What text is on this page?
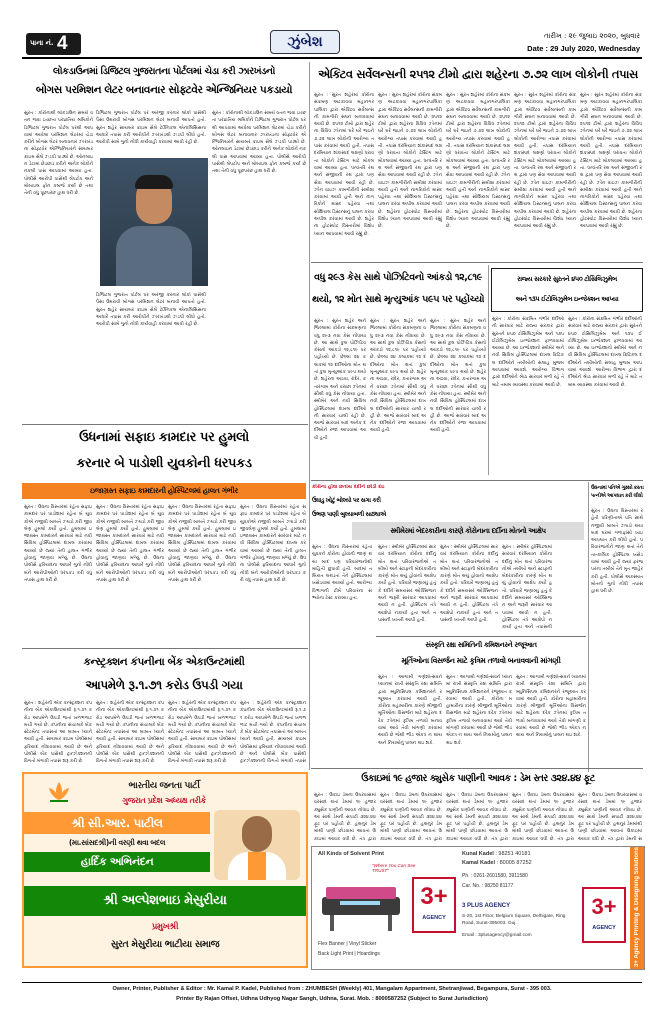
પાના નં. 4	ઝુંબેશ	તારીખ : ૨૯ જુલાઇ ૨૦૨૦, બુધવાર
Date : 29 July 2020, Wednesday
લોકડાઉનમાં ડિજિટલ ગુજરાતના પોર્ટલમાં ચેડા કરી ઝારખંડનો
બોગસ પરમિશન લેટર બનાવનાર સોફ્ટવેર એન્જિનિયર પકડાયો
સુરત : કોરોનાથી લોકડાઉન સમયે વતન જવા ઇચ્છતા પરપ્રાંતિય શ્રમિકોને ડિજિટલ ગુજરાત પોર્ટલ પરથી આપવામાં આવેલા પરમિશન લેટરમાં ચેડા કરીને બોગસ લેટર બનાવનાર ઝારખંડના સોફ્ટવેર એન્જિનિયરને સાયબર ક્રાઇમ સેલે ઝડપી પાડ્યો છે. ઓનલાઇન ડેટામાં છેડછાડ કરીને અનેક લોકોને નકલી પાસ આપવામાં આવ્યા હતા. પોલીસે આરોપી પાસેથી લેપટોપ અને મોબાઇલ ફોન કબજે કર્યા છે તથા તેની વધુ પૂછપરછ હાથ ધરી છે.
ડિજિટલ ગુજરાત પોર્ટલ પર અરજી કરનાર લોકો પાસેથી પૈસા ઉઘરાવી બોગસ પરમિશન લેટર બનાવી આપતો હતો. સુરત શહેર સાયબર ક્રાઇમ સેલે ટેક્નિકલ એનાલિસિસના આધારે તપાસ કરી આરોપીને ઝારખંડથી ઝડપી લીધો હતો. આરોપી સામે ગુનો નોંધી કાર્યવાહી કરવામાં આવી રહી છે.
સુરત : કોરોનાથી લોકડાઉન સમયે વતન જવા ઇચ્છતા પરપ્રાંતિય શ્રમિકોને ડિજિટલ ગુજરાત પોર્ટલ પરથી આપવામાં આવેલા પરમિશન લેટરમાં ચેડા કરીને બોગસ લેટર બનાવનાર ઝારખંડના સોફ્ટવેર એન્જિનિયરને સાયબર ક્રાઇમ સેલે ઝડપી પાડ્યો છે. ઓનલાઇન ડેટામાં છેડછાડ કરીને અનેક લોકોને નકલી પાસ આપવામાં આવ્યા હતા. પોલીસે આરોપી પાસેથી લેપટોપ અને મોબાઇલ ફોન કબજે કર્યા છે તથા તેની વધુ પૂછપરછ હાથ ધરી છે.
ડિજિટલ ગુજરાત પોર્ટલ પર અરજી કરનાર લોકો પાસેથી પૈસા ઉઘરાવી બોગસ પરમિશન લેટર બનાવી આપતો હતો. સુરત શહેર સાયબર ક્રાઇમ સેલે ટેક્નિકલ એનાલિસિસના આધારે તપાસ કરી આરોપીને ઝારખંડથી ઝડપી લીધો હતો. આરોપી સામે ગુનો નોંધી કાર્યવાહી કરવામાં આવી રહી છે.
એક્ટિવ સર્વેલન્સની ૨૫૧૨ ટીમો દ્વારા શહેરના ૭.૭૨ લાખ લોકોની તપાસ
સુરત : સુરત શહેરમાં કોરોના સંક્રમણ અટકાવવા મહાનગરપાલિકા દ્વારા એક્ટિવ સર્વેલન્સની કામગીરી સઘન બનાવવામાં આવી છે. ૨૫૧૨ ટીમો દ્વારા શહેરના વિવિધ ઝોનમાં ઘરે ઘરે જઇને ૭.૭૨ લાખ લોકોની આરોગ્ય તપાસ કરવામાં આવી હતી. તપાસ દરમિયાન શંકાસ્પદ લક્ષણો ધરાવતા લોકોને ટેસ્ટિંગ માટે મોકલવામાં આવ્યા હતા. ધન્વંતરિ રથ અને સંજીવની રથ દ્વારા પણ સેવા આપવામાં આવી રહી છે. ઝોન વાઇઝ કામગીરીની સમીક્ષા કરવામાં આવી હતી અને નાગરિકોને માસ્ક પહેરવા તથા સોશિયલ ડિસ્ટન્સનું પાલન કરવા અપીલ કરવામાં આવી છે. શહેરના હોટસ્પોટ વિસ્તારોમાં વિશેષ ધ્યાન આપવામાં આવી રહ્યું છે.
સુરત : સુરત શહેરમાં કોરોના સંક્રમણ અટકાવવા મહાનગરપાલિકા દ્વારા એક્ટિવ સર્વેલન્સની કામગીરી સઘન બનાવવામાં આવી છે. ૨૫૧૨ ટીમો દ્વારા શહેરના વિવિધ ઝોનમાં ઘરે ઘરે જઇને ૭.૭૨ લાખ લોકોની આરોગ્ય તપાસ કરવામાં આવી હતી. તપાસ દરમિયાન શંકાસ્પદ લક્ષણો ધરાવતા લોકોને ટેસ્ટિંગ માટે મોકલવામાં આવ્યા હતા. ધન્વંતરિ રથ અને સંજીવની રથ દ્વારા પણ સેવા આપવામાં આવી રહી છે. ઝોન વાઇઝ કામગીરીની સમીક્ષા કરવામાં આવી હતી અને નાગરિકોને માસ્ક પહેરવા તથા સોશિયલ ડિસ્ટન્સનું પાલન કરવા અપીલ કરવામાં આવી છે. શહેરના હોટસ્પોટ વિસ્તારોમાં વિશેષ ધ્યાન આપવામાં આવી રહ્યું છે.
સુરત : સુરત શહેરમાં કોરોના સંક્રમણ અટકાવવા મહાનગરપાલિકા દ્વારા એક્ટિવ સર્વેલન્સની કામગીરી સઘન બનાવવામાં આવી છે. ૨૫૧૨ ટીમો દ્વારા શહેરના વિવિધ ઝોનમાં ઘરે ઘરે જઇને ૭.૭૨ લાખ લોકોની આરોગ્ય તપાસ કરવામાં આવી હતી. તપાસ દરમિયાન શંકાસ્પદ લક્ષણો ધરાવતા લોકોને ટેસ્ટિંગ માટે મોકલવામાં આવ્યા હતા. ધન્વંતરિ રથ અને સંજીવની રથ દ્વારા પણ સેવા આપવામાં આવી રહી છે. ઝોન વાઇઝ કામગીરીની સમીક્ષા કરવામાં આવી હતી અને નાગરિકોને માસ્ક પહેરવા તથા સોશિયલ ડિસ્ટન્સનું પાલન કરવા અપીલ કરવામાં આવી છે. શહેરના હોટસ્પોટ વિસ્તારોમાં વિશેષ ધ્યાન આપવામાં આવી રહ્યું છે.
સુરત : સુરત શહેરમાં કોરોના સંક્રમણ અટકાવવા મહાનગરપાલિકા દ્વારા એક્ટિવ સર્વેલન્સની કામગીરી સઘન બનાવવામાં આવી છે. ૨૫૧૨ ટીમો દ્વારા શહેરના વિવિધ ઝોનમાં ઘરે ઘરે જઇને ૭.૭૨ લાખ લોકોની આરોગ્ય તપાસ કરવામાં આવી હતી. તપાસ દરમિયાન શંકાસ્પદ લક્ષણો ધરાવતા લોકોને ટેસ્ટિંગ માટે મોકલવામાં આવ્યા હતા. ધન્વંતરિ રથ અને સંજીવની રથ દ્વારા પણ સેવા આપવામાં આવી રહી છે. ઝોન વાઇઝ કામગીરીની સમીક્ષા કરવામાં આવી હતી અને નાગરિકોને માસ્ક પહેરવા તથા સોશિયલ ડિસ્ટન્સનું પાલન કરવા અપીલ કરવામાં આવી છે. શહેરના હોટસ્પોટ વિસ્તારોમાં વિશેષ ધ્યાન આપવામાં આવી રહ્યું છે.
સુરત : સુરત શહેરમાં કોરોના સંક્રમણ અટકાવવા મહાનગરપાલિકા દ્વારા એક્ટિવ સર્વેલન્સની કામગીરી સઘન બનાવવામાં આવી છે. ૨૫૧૨ ટીમો દ્વારા શહેરના વિવિધ ઝોનમાં ઘરે ઘરે જઇને ૭.૭૨ લાખ લોકોની આરોગ્ય તપાસ કરવામાં આવી હતી. તપાસ દરમિયાન શંકાસ્પદ લક્ષણો ધરાવતા લોકોને ટેસ્ટિંગ માટે મોકલવામાં આવ્યા હતા. ધન્વંતરિ રથ અને સંજીવની રથ દ્વારા પણ સેવા આપવામાં આવી રહી છે. ઝોન વાઇઝ કામગીરીની સમીક્ષા કરવામાં આવી હતી અને નાગરિકોને માસ્ક પહેરવા તથા સોશિયલ ડિસ્ટન્સનું પાલન કરવા અપીલ કરવામાં આવી છે. શહેરના હોટસ્પોટ વિસ્તારોમાં વિશેષ ધ્યાન આપવામાં આવી રહ્યું છે.
વધુ ૨૯૩ કેસ સાથે પોઝિટિવનો આંકડો ૧૨,૮૧૯
થયો, ૧૨ મોત સાથે મૃત્યુઆંક ૫૯૫ પર પહોંચ્યો
સુરત : સુરત શહેર અને જિલ્લામાં કોરોના સંક્રમણના વધુ ૨૯૩ નવા કેસ નોંધાયા છે. આ સાથે કુલ પોઝિટિવ કેસનો આંકડો ૧૨,૮૧૯ પર પહોંચ્યો છે. છેલ્લા ૨૪ કલાકમાં ૧૨ દર્દીઓના મોત થતાં કુલ મૃત્યુઆંક ૫૯૫ થયો છે. શહેરના અઠવા, રાંદેર, કતારગામ અને વરાછા ઝોનમાં સૌથી વધુ કેસ નોંધાયા હતા. સ્મીમેર અને નવી સિવિલ હોસ્પિટલમાં દાખલ દર્દીઓની સારવાર ચાલી રહી છે. આજે સારવાર બાદ અનેક દર્દીઓને રજા આપવામાં આવી હતી.
સુરત : સુરત શહેર અને જિલ્લામાં કોરોના સંક્રમણના વધુ ૨૯૩ નવા કેસ નોંધાયા છે. આ સાથે કુલ પોઝિટિવ કેસનો આંકડો ૧૨,૮૧૯ પર પહોંચ્યો છે. છેલ્લા ૨૪ કલાકમાં ૧૨ દર્દીઓના મોત થતાં કુલ મૃત્યુઆંક ૫૯૫ થયો છે. શહેરના અઠવા, રાંદેર, કતારગામ અને વરાછા ઝોનમાં સૌથી વધુ કેસ નોંધાયા હતા. સ્મીમેર અને નવી સિવિલ હોસ્પિટલમાં દાખલ દર્દીઓની સારવાર ચાલી રહી છે. આજે સારવાર બાદ અનેક દર્દીઓને રજા આપવામાં આવી હતી.
સુરત : સુરત શહેર અને જિલ્લામાં કોરોના સંક્રમણના વધુ ૨૯૩ નવા કેસ નોંધાયા છે. આ સાથે કુલ પોઝિટિવ કેસનો આંકડો ૧૨,૮૧૯ પર પહોંચ્યો છે. છેલ્લા ૨૪ કલાકમાં ૧૨ દર્દીઓના મોત થતાં કુલ મૃત્યુઆંક ૫૯૫ થયો છે. શહેરના અઠવા, રાંદેર, કતારગામ અને વરાછા ઝોનમાં સૌથી વધુ કેસ નોંધાયા હતા. સ્મીમેર અને નવી સિવિલ હોસ્પિટલમાં દાખલ દર્દીઓની સારવાર ચાલી રહી છે. આજે સારવાર બાદ અનેક દર્દીઓને રજા આપવામાં આવી હતી.
રાજ્ય સરકારે સુરતને ૪૫૦ ટોસિલિઝુમેબ
અને ૧૩૫ ઈટોલિઝુમેબ ઇન્જેક્શન આપ્યા
સુરત : કોરોના સંક્રમિત ગંભીર દર્દીઓની સારવાર માટે રાજ્ય સરકાર દ્વારા સુરતને ૪૫૦ ટોસિલિઝુમેબ અને ૧૩૫ ઈટોલિઝુમેબ ઇન્જેક્શન ફાળવવામાં આવ્યા છે. આ ઇન્જેક્શનો સ્મીમેર અને નવી સિવિલ હોસ્પિટલમાં દાખલ ક્રિટિકલ દર્દીઓને તબીબોની સલાહ મુજબ આપવામાં આવશે. આરોગ્ય વિભાગ દ્વારા દર્દીઓને શ્રેષ્ઠ સારવાર મળી રહે તે માટે તમામ વ્યવસ્થા કરવામાં આવી છે.
સુરત : કોરોના સંક્રમિત ગંભીર દર્દીઓની સારવાર માટે રાજ્ય સરકાર દ્વારા સુરતને ૪૫૦ ટોસિલિઝુમેબ અને ૧૩૫ ઈટોલિઝુમેબ ઇન્જેક્શન ફાળવવામાં આવ્યા છે. આ ઇન્જેક્શનો સ્મીમેર અને નવી સિવિલ હોસ્પિટલમાં દાખલ ક્રિટિકલ દર્દીઓને તબીબોની સલાહ મુજબ આપવામાં આવશે. આરોગ્ય વિભાગ દ્વારા દર્દીઓને શ્રેષ્ઠ સારવાર મળી રહે તે માટે તમામ વ્યવસ્થા કરવામાં આવી છે.
ઉધનામાં સફાઇ કામદાર પર હુમલો
કરનાર બે પાડોશી યુવકોની ધરપકડ
ઇજાગ્રસ્ત સફાઇ કામદારની હોસ્પિટલમાં હાલત ગંભીર
સુરત : ઉધના વિસ્તારમાં રહેતા સફાઇ કામદાર પર પાડોશમાં રહેતા બે યુવકોએ નજીવી બાબતે ઝઘડો કરી જીવલેણ હુમલો કર્યો હતો. હુમલામાં ઇજાગ્રસ્ત કામદારને સારવાર માટે નવી સિવિલ હોસ્પિટલમાં દાખલ કરવામાં આવ્યો છે જ્યાં તેની હાલત ગંભીર હોવાનું જાણવા મળ્યું છે. ઉધના પોલીસે ફરિયાદના આધારે ગુનો નોંધી બંને આરોપીઓની ધરપકડ કરી વધુ તપાસ હાથ ધરી છે.
સુરત : ઉધના વિસ્તારમાં રહેતા સફાઇ કામદાર પર પાડોશમાં રહેતા બે યુવકોએ નજીવી બાબતે ઝઘડો કરી જીવલેણ હુમલો કર્યો હતો. હુમલામાં ઇજાગ્રસ્ત કામદારને સારવાર માટે નવી સિવિલ હોસ્પિટલમાં દાખલ કરવામાં આવ્યો છે જ્યાં તેની હાલત ગંભીર હોવાનું જાણવા મળ્યું છે. ઉધના પોલીસે ફરિયાદના આધારે ગુનો નોંધી બંને આરોપીઓની ધરપકડ કરી વધુ તપાસ હાથ ધરી છે.
સુરત : ઉધના વિસ્તારમાં રહેતા સફાઇ કામદાર પર પાડોશમાં રહેતા બે યુવકોએ નજીવી બાબતે ઝઘડો કરી જીવલેણ હુમલો કર્યો હતો. હુમલામાં ઇજાગ્રસ્ત કામદારને સારવાર માટે નવી સિવિલ હોસ્પિટલમાં દાખલ કરવામાં આવ્યો છે જ્યાં તેની હાલત ગંભીર હોવાનું જાણવા મળ્યું છે. ઉધના પોલીસે ફરિયાદના આધારે ગુનો નોંધી બંને આરોપીઓની ધરપકડ કરી વધુ તપાસ હાથ ધરી છે.
સુરત : ઉધના વિસ્તારમાં રહેતા સફાઇ કામદાર પર પાડોશમાં રહેતા બે યુવકોએ નજીવી બાબતે ઝઘડો કરી જીવલેણ હુમલો કર્યો હતો. હુમલામાં ઇજાગ્રસ્ત કામદારને સારવાર માટે નવી સિવિલ હોસ્પિટલમાં દાખલ કરવામાં આવ્યો છે જ્યાં તેની હાલત ગંભીર હોવાનું જાણવા મળ્યું છે. ઉધના પોલીસે ફરિયાદના આધારે ગુનો નોંધી બંને આરોપીઓની ધરપકડ કરી વધુ તપાસ હાથ ધરી છે.
કન્સ્ટ્રક્શન કંપનીના બેંક એકાઉન્ટમાંથી
આપમેળે રૂ.૧.૭૧ કરોડ ઉપડી ગયા
સુરત : શહેરની એક કન્સ્ટ્રક્શન કંપનીના બેંક એકાઉન્ટમાંથી રૂ.૧.૭૧ કરોડ આપમેળે ઉપડી જતાં ખળભળાટ મચી ગયો છે. કંપનીના સંચાલકે બેંક સ્ટેટમેન્ટ તપાસતાં આ બાબત ધ્યાને આવી હતી. સાયબર ક્રાઇમ પોલીસમાં ફરિયાદ નોંધાવવામાં આવી છે અને પોલીસે બેંક પાસેથી ટ્રાન્ઝેક્શનની વિગતો મંગાવી તપાસ શરૂ કરી છે.
સુરત : શહેરની એક કન્સ્ટ્રક્શન કંપનીના બેંક એકાઉન્ટમાંથી રૂ.૧.૭૧ કરોડ આપમેળે ઉપડી જતાં ખળભળાટ મચી ગયો છે. કંપનીના સંચાલકે બેંક સ્ટેટમેન્ટ તપાસતાં આ બાબત ધ્યાને આવી હતી. સાયબર ક્રાઇમ પોલીસમાં ફરિયાદ નોંધાવવામાં આવી છે અને પોલીસે બેંક પાસેથી ટ્રાન્ઝેક્શનની વિગતો મંગાવી તપાસ શરૂ કરી છે.
સુરત : શહેરની એક કન્સ્ટ્રક્શન કંપનીના બેંક એકાઉન્ટમાંથી રૂ.૧.૭૧ કરોડ આપમેળે ઉપડી જતાં ખળભળાટ મચી ગયો છે. કંપનીના સંચાલકે બેંક સ્ટેટમેન્ટ તપાસતાં આ બાબત ધ્યાને આવી હતી. સાયબર ક્રાઇમ પોલીસમાં ફરિયાદ નોંધાવવામાં આવી છે અને પોલીસે બેંક પાસેથી ટ્રાન્ઝેક્શનની વિગતો મંગાવી તપાસ શરૂ કરી છે.
સુરત : શહેરની એક કન્સ્ટ્રક્શન કંપનીના બેંક એકાઉન્ટમાંથી રૂ.૧.૭૧ કરોડ આપમેળે ઉપડી જતાં ખળભળાટ મચી ગયો છે. કંપનીના સંચાલકે બેંક સ્ટેટમેન્ટ તપાસતાં આ બાબત ધ્યાને આવી હતી. સાયબર ક્રાઇમ પોલીસમાં ફરિયાદ નોંધાવવામાં આવી છે અને પોલીસે બેંક પાસેથી ટ્રાન્ઝેક્શનની વિગતો મંગાવી તપાસ
કોરોના હોવા છતાંય દર્દીને છોડી દઇ
ઉઘાડુ ખોટું બોલ્યો પર સગા કરી
ઉભણ પાણી બુલ્યાબળી સાઠ્યાએ
સ્મીમેરમાં બેદરકારીના કારણે કોરોનાના દર્દીના મોતનો આક્ષેપ
સુરત : ઉધના વિસ્તારમાં રહેતા યુવકને કોરોના હોવાની જાણ થયા બાદ પણ પરિવારજનોથી માહિતી છુપાવી હતી. બાદમાં તબિયત લથડતાં તેને હોસ્પિટલમાં ખસેડવામાં આવ્યો હતો. આરોગ્ય વિભાગની ટીમે પરિવારના સભ્યોના ટેસ્ટ કરાવ્યા હતા.
સુરત : સ્મીમેર હોસ્પિટલમાં સારવાર દરમિયાન કોરોના દર્દીનું મોત થતાં પરિવારજનોએ તબીબો અને સ્ટાફની બેદરકારીના કારણે મોત થયું હોવાનો આક્ષેપ કર્યો હતો. પરિવારે જણાવ્યું હતું કે દર્દીને સમયસર ઓક્સિજન અને જરૂરી સારવાર આપવામાં આવી ન હતી. હોસ્પિટલ તંત્રે આક્ષેપો નકાર્યા હતા અને તપાસની ખાતરી આપી હતી.
સુરત : સ્મીમેર હોસ્પિટલમાં સારવાર દરમિયાન કોરોના દર્દીનું મોત થતાં પરિવારજનોએ તબીબો અને સ્ટાફની બેદરકારીના કારણે મોત થયું હોવાનો આક્ષેપ કર્યો હતો. પરિવારે જણાવ્યું હતું કે દર્દીને સમયસર ઓક્સિજન અને જરૂરી સારવાર આપવામાં આવી ન હતી. હોસ્પિટલ તંત્રે આક્ષેપો નકાર્યા હતા અને તપાસની ખાતરી આપી હતી.
સુરત : સ્મીમેર હોસ્પિટલમાં સારવાર દરમિયાન કોરોના દર્દીનું મોત થતાં પરિવારજનોએ તબીબો અને સ્ટાફની બેદરકારીના કારણે મોત થયું હોવાનો આક્ષેપ કર્યો હતો. પરિવારે જણાવ્યું હતું કે દર્દીને સમયસર ઓક્સિજન અને જરૂરી સારવાર આપવામાં આવી ન હતી. હોસ્પિટલ તંત્રે આક્ષેપો નકાર્યા હતા અને તપાસની
ઉધનામાં પતિએ ગુસ્સો કરતા પત્નીએ આપઘાત કરી લીધો
સુરત : ઉધના વિસ્તારમાં રહેતી પરિણીતાએ પતિ સાથે નજીવી બાબતે ઝઘડો થયા બાદ ઘરમાં ગળાફાંસો ખાઇ આપઘાત કરી લીધો હતો. પરિવારજનોને જાણ થતાં તેને તાત્કાલિક હોસ્પિટલ ખસેડવામાં આવી હતી જ્યાં ફરજ પરના તબીબે તેને મૃત જાહેર કરી હતી. પોલીસે અકસ્માત મોતનો ગુનો નોંધી તપાસ હાથ ધરી છે.
સંસ્કૃતિ રક્ષા સમિતિની કમિશનરને રજૂઆત
મૂર્તિઓના વિસર્જન માટે કૃત્રિમ તળાવો બનાવવાની માંગણી
સુરત : આગામી ગણેશોત્સવને ધ્યાનમાં રાખી સંસ્કૃતિ રક્ષા સમિતિ દ્વારા મ્યુનિસિપલ કમિશનરને રજૂઆત કરવામાં આવી હતી. કોરોના મહામારીના કારણે શ્રીજીની મૂર્તિઓના વિસર્જન માટે શહેરના દરેક ઝોનમાં કૃત્રિમ તળાવો બનાવવામાં આવે તેવી માંગણી કરવામાં આવી છે જેથી ભીડ એકત્ર ન થાય અને નિયમોનું પાલન થઇ શકે.
સુરત : આગામી ગણેશોત્સવને ધ્યાનમાં રાખી સંસ્કૃતિ રક્ષા સમિતિ દ્વારા મ્યુનિસિપલ કમિશનરને રજૂઆત કરવામાં આવી હતી. કોરોના મહામારીના કારણે શ્રીજીની મૂર્તિઓના વિસર્જન માટે શહેરના દરેક ઝોનમાં કૃત્રિમ તળાવો બનાવવામાં આવે તેવી માંગણી કરવામાં આવી છે જેથી ભીડ એકત્ર ન થાય અને નિયમોનું પાલન થઇ શકે.
સુરત : આગામી ગણેશોત્સવને ધ્યાનમાં રાખી સંસ્કૃતિ રક્ષા સમિતિ દ્વારા મ્યુનિસિપલ કમિશનરને રજૂઆત કરવામાં આવી હતી. કોરોના મહામારીના કારણે શ્રીજીની મૂર્તિઓના વિસર્જન માટે શહેરના દરેક ઝોનમાં કૃત્રિમ તળાવો બનાવવામાં આવે તેવી માંગણી કરવામાં આવી છે જેથી ભીડ એકત્ર ન થાય અને નિયમોનું પાલન થઇ શકે.
ઉકાઇમાં ૧૯ હજાર ક્યુસેક પાણીની આવક : ડેમ સ્તર ૩૨૪.૪૪ ફૂટ
સુરત : ઉકાઇ ડેમના ઉપરવાસમાં વરસાદ થતાં ડેમમાં ૧૯ હજાર ક્યુસેક પાણીની આવક નોંધાઇ છે. આ સાથે ડેમની સપાટી ૩૨૪.૪૪ ફૂટ પર પહોંચી છે. હથનુર ડેમમાંથી પાણી છોડવામાં આવતાં ઉકાઇમાં આવક વધી છે. તંત્ર દ્વારા
સુરત : ઉકાઇ ડેમના ઉપરવાસમાં વરસાદ થતાં ડેમમાં ૧૯ હજાર ક્યુસેક પાણીની આવક નોંધાઇ છે. આ સાથે ડેમની સપાટી ૩૨૪.૪૪ ફૂટ પર પહોંચી છે. હથનુર ડેમમાંથી પાણી છોડવામાં આવતાં ઉકાઇમાં આવક વધી છે. તંત્ર દ્વારા
સુરત : ઉકાઇ ડેમના ઉપરવાસમાં વરસાદ થતાં ડેમમાં ૧૯ હજાર ક્યુસેક પાણીની આવક નોંધાઇ છે. આ સાથે ડેમની સપાટી ૩૨૪.૪૪ ફૂટ પર પહોંચી છે. હથનુર ડેમમાંથી પાણી છોડવામાં આવતાં ઉકાઇમાં આવક વધી છે. તંત્ર દ્વારા
સુરત : ઉકાઇ ડેમના ઉપરવાસમાં વરસાદ થતાં ડેમમાં ૧૯ હજાર ક્યુસેક પાણીની આવક નોંધાઇ છે. આ સાથે ડેમની સપાટી ૩૨૪.૪૪ ફૂટ પર પહોંચી છે. હથનુર ડેમમાંથી પાણી છોડવામાં આવતાં ઉકાઇમાં આવક વધી છે. તંત્ર દ્વારા
સુરત : ઉકાઇ ડેમના ઉપરવાસમાં વરસાદ થતાં ડેમમાં ૧૯ હજાર ક્યુસેક પાણીની આવક નોંધાઇ છે. આ સાથે ડેમની સપાટી ૩૨૪.૪૪ ફૂટ પર પહોંચી છે. હથનુર ડેમમાંથી પાણી છોડવામાં આવતાં ઉકાઇમાં આવક વધી છે. તંત્ર દ્વારા ડેમની સ
ભારતીય જનતા પાર્ટી
ગુજરાત પ્રદેશ અધ્યક્ષ તરીકે
શ્રી સી.આર. પાટીલ
(મા.સાંસદશ્રી)ની વરણી થવા બદલ
હાર્દિક અભિનંદન
શ્રી અલ્પેશભાઇ મેસુરીયા
પ્રમુખશ્રી
સુરત મેસુરીયા ભાટીયા સમાજ
All Kinds of Solvent Print
"Where You Can See TRUST"
3+
AGENCY
Flex Banner | Vinyl Sticker
Back Light Print | Hoardings
Kunal Kadel : 98251 40181
Kamal Kadel : 80005 87252
Ph. : 0261-2601580, 3911580
Car. No. : 98250 81177
3 PLUS AGENCY
S-20, 1st Floor, Belgium Square, Delhigate, Ring Road, Surat-395003. Guj.
Email : 3plusagency@gmail.com
3+
AGENCY	3+ Agency Printing & Designing Solutions
Owner, Printer, Publisher & Editor : Mr. Kamal P. Kadel, Published from : ZHUMBESH (Weekly) 401, Mangalam Appartment, Shetranjiwad, Begampura, Surat - 395 003.
Printer By Rajan Offset, Udhna Udhyog Nagar Sangh, Udhna, Surat. Mob. : 8000587252 (Subject to Surat Jurisdiction)
